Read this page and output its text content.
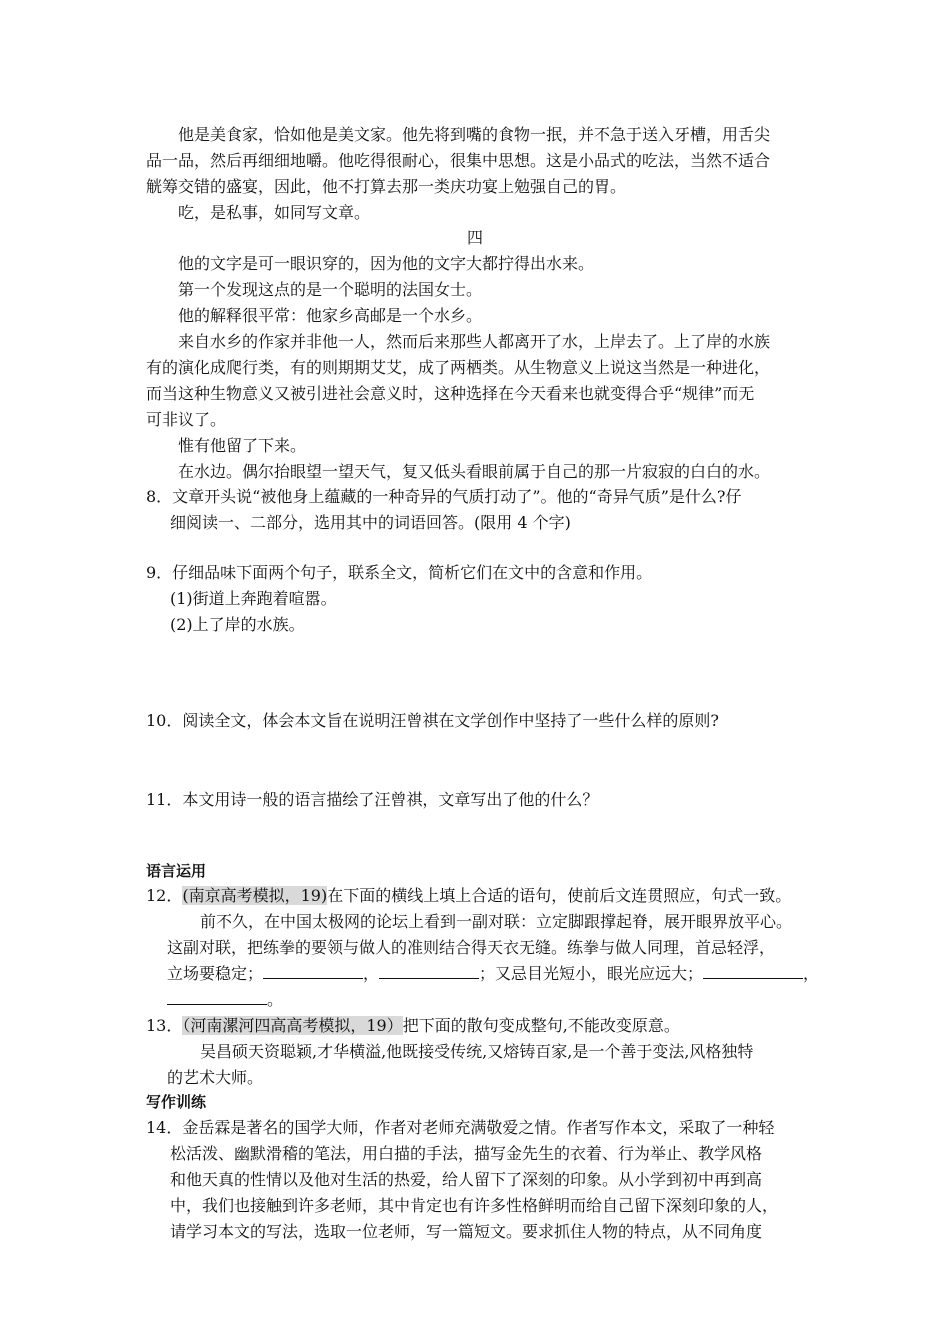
他是美食家，恰如他是美文家。他先将到嘴的食物一抿，并不急于送入牙槽，用舌尖
品一品，然后再细细地嚼。他吃得很耐心，很集中思想。这是小品式的吃法，当然不适合
觥筹交错的盛宴，因此，他不打算去那一类庆功宴上勉强自己的胃。
吃，是私事，如同写文章。
四
他的文字是可一眼识穿的，因为他的文字大都拧得出水来。
第一个发现这点的是一个聪明的法国女士。
他的解释很平常：他家乡高邮是一个水乡。
来自水乡的作家并非他一人，然而后来那些人都离开了水，上岸去了。上了岸的水族
有的演化成爬行类，有的则期期艾艾，成了两栖类。从生物意义上说这当然是一种进化，
而当这种生物意义又被引进社会意义时，这种选择在今天看来也就变得合乎“规律”而无
可非议了。
惟有他留了下来。
在水边。偶尔抬眼望一望天气，复又低头看眼前属于自己的那一片寂寂的白白的水。
8．文章开头说“被他身上蕴藏的一种奇异的气质打动了”。他的“奇异气质”是什么?仔
细阅读一、二部分，选用其中的词语回答。(限用 4 个字)
9．仔细品味下面两个句子，联系全文，简析它们在文中的含意和作用。
(1)街道上奔跑着喧嚣。
(2)上了岸的水族。
10．阅读全文，体会本文旨在说明汪曾祺在文学创作中坚持了一些什么样的原则?
11．本文用诗一般的语言描绘了汪曾祺，文章写出了他的什么？
语言运用
12．(南京高考模拟，19)在下面的横线上填上合适的语句，使前后文连贯照应，句式一致。
前不久，在中国太极网的论坛上看到一副对联：立定脚跟撑起脊，展开眼界放平心。
这副对联，把练拳的要领与做人的准则结合得天衣无缝。练拳与做人同理，首忌轻浮，
立场要稳定；	，	；又忌目光短小，眼光应远大；	，
。
13．（河南漯河四高高考模拟，19）把下面的散句变成整句,不能改变原意。
吴昌硕天资聪颖,才华横溢,他既接受传统,又熔铸百家,是一个善于变法,风格独特
的艺术大师。
写作训练
14．金岳霖是著名的国学大师，作者对老师充满敬爱之情。作者写作本文，采取了一种轻
松活泼、幽默滑稽的笔法，用白描的手法，描写金先生的衣着、行为举止、教学风格
和他天真的性情以及他对生活的热爱，给人留下了深刻的印象。从小学到初中再到高
中，我们也接触到许多老师，其中肯定也有许多性格鲜明而给自己留下深刻印象的人，
请学习本文的写法，选取一位老师，写一篇短文。要求抓住人物的特点，从不同角度
